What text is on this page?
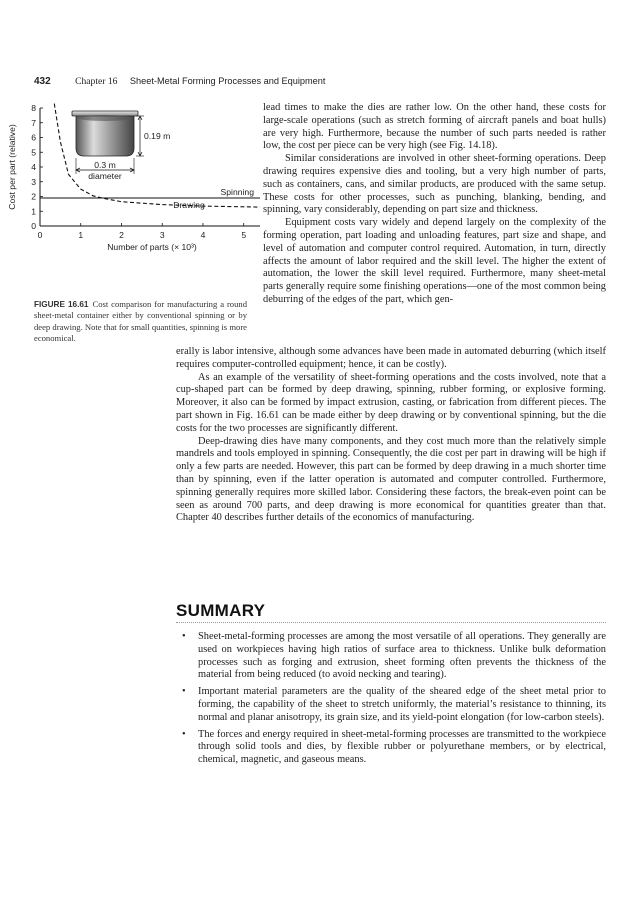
432	Chapter 16 Sheet-Metal Forming Processes and Equipment
0
1
2
3
4
5
6
7
8
0	1	2	3	4	5
Cost per part (relative)
Number of parts (× 10³)
Spinning
Drawing
0.19 m
0.3 m
diameter
FIGURE 16.61 Cost comparison for manufacturing a round sheet-metal container either by conventional spinning or by deep drawing. Note that for small quantities, spinning is more economical.

lead times to make the dies are rather low. On the other hand, these costs for large-scale operations (such as stretch forming of aircraft panels and boat hulls) are very high. Furthermore, because the number of such parts needed is rather low, the cost per piece can be very high (see Fig. 14.18).

Similar considerations are involved in other sheet-forming operations. Deep drawing requires expensive dies and tooling, but a very high number of parts, such as containers, cans, and similar products, are produced with the same setup. These costs for other processes, such as punching, blanking, bending, and spinning, vary considerably, depending on part size and thickness.

Equipment costs vary widely and depend largely on the complexity of the forming operation, part loading and unloading features, part size and shape, and level of automation and computer control required. Automation, in turn, directly affects the amount of labor required and the skill level. The higher the extent of automation, the lower the skill level required. Furthermore, many sheet-metal parts generally require some finishing operations—one of the most common being deburring of the edges of the part, which gen-

erally is labor intensive, although some advances have been made in automated deburring (which itself requires computer-controlled equipment; hence, it can be costly).

As an example of the versatility of sheet-forming operations and the costs involved, note that a cup-shaped part can be formed by deep drawing, spinning, rubber forming, or explosive forming. Moreover, it also can be formed by impact extrusion, casting, or fabrication from different pieces. The part shown in Fig. 16.61 can be made either by deep drawing or by conventional spinning, but the die costs for the two processes are significantly different.

Deep-drawing dies have many components, and they cost much more than the relatively simple mandrels and tools employed in spinning. Consequently, the die cost per part in drawing will be high if only a few parts are needed. However, this part can be formed by deep drawing in a much shorter time than by spinning, even if the latter operation is automated and computer controlled. Furthermore, spinning generally requires more skilled labor. Considering these factors, the break-even point can be seen as around 700 parts, and deep drawing is more economical for quantities greater than that. Chapter 40 describes further details of the economics of manufacturing.

SUMMARY
• Sheet-metal-forming processes are among the most versatile of all operations. They generally are used on workpieces having high ratios of surface area to thickness. Unlike bulk deformation processes such as forging and extrusion, sheet forming often prevents the thickness of the material from being reduced (to avoid necking and tearing).
• Important material parameters are the quality of the sheared edge of the sheet metal prior to forming, the capability of the sheet to stretch uniformly, the material’s resistance to thinning, its normal and planar anisotropy, its grain size, and its yield-point elongation (for low-carbon steels).
• The forces and energy required in sheet-metal-forming processes are transmitted to the workpiece through solid tools and dies, by flexible rubber or polyurethane members, or by electrical, chemical, magnetic, and gaseous means.
